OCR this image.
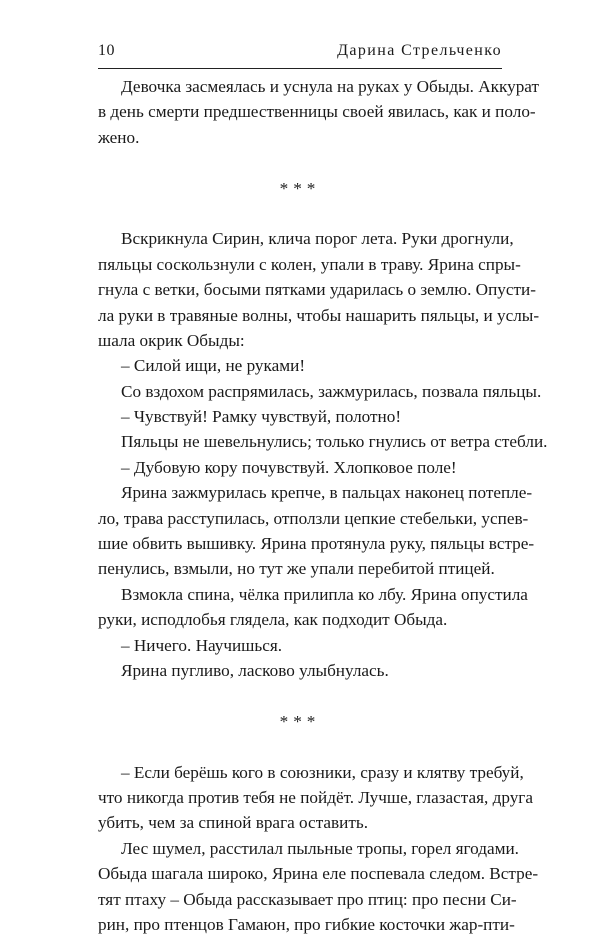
10	Дарина Стрельченко
Девочка засмеялась и уснула на руках у Обыды. Аккурат
в день смерти предшественницы своей явилась, как и поло-
жено.
***
Вскрикнула Сирин, клича порог лета. Руки дрогнули,
пяльцы соскользнули с колен, упали в траву. Ярина спры-
гнула с ветки, босыми пятками ударилась о землю. Опусти-
ла руки в травяные волны, чтобы нашарить пяльцы, и услы-
шала окрик Обыды:
– Силой ищи, не руками!
Со вздохом распрямилась, зажмурилась, позвала пяльцы.
– Чувствуй! Рамку чувствуй, полотно!
Пяльцы не шевельнулись; только гнулись от ветра стебли.
– Дубовую кору почувствуй. Хлопковое поле!
Ярина зажмурилась крепче, в пальцах наконец потепле-
ло, трава расступилась, отползли цепкие стебельки, успев-
шие обвить вышивку. Ярина протянула руку, пяльцы встре-
пенулись, взмыли, но тут же упали перебитой птицей.
Взмокла спина, чёлка прилипла ко лбу. Ярина опустила
руки, исподлобья глядела, как подходит Обыда.
– Ничего. Научишься.
Ярина пугливо, ласково улыбнулась.
***
– Если берёшь кого в союзники, сразу и клятву требуй,
что никогда против тебя не пойдёт. Лучше, глазастая, друга
убить, чем за спиной врага оставить.
Лес шумел, расстилал пыльные тропы, горел ягодами.
Обыда шагала широко, Ярина еле поспевала следом. Встре-
тят птаху – Обыда рассказывает про птиц: про песни Си-
рин, про птенцов Гамаюн, про гибкие косточки жар-пти-
